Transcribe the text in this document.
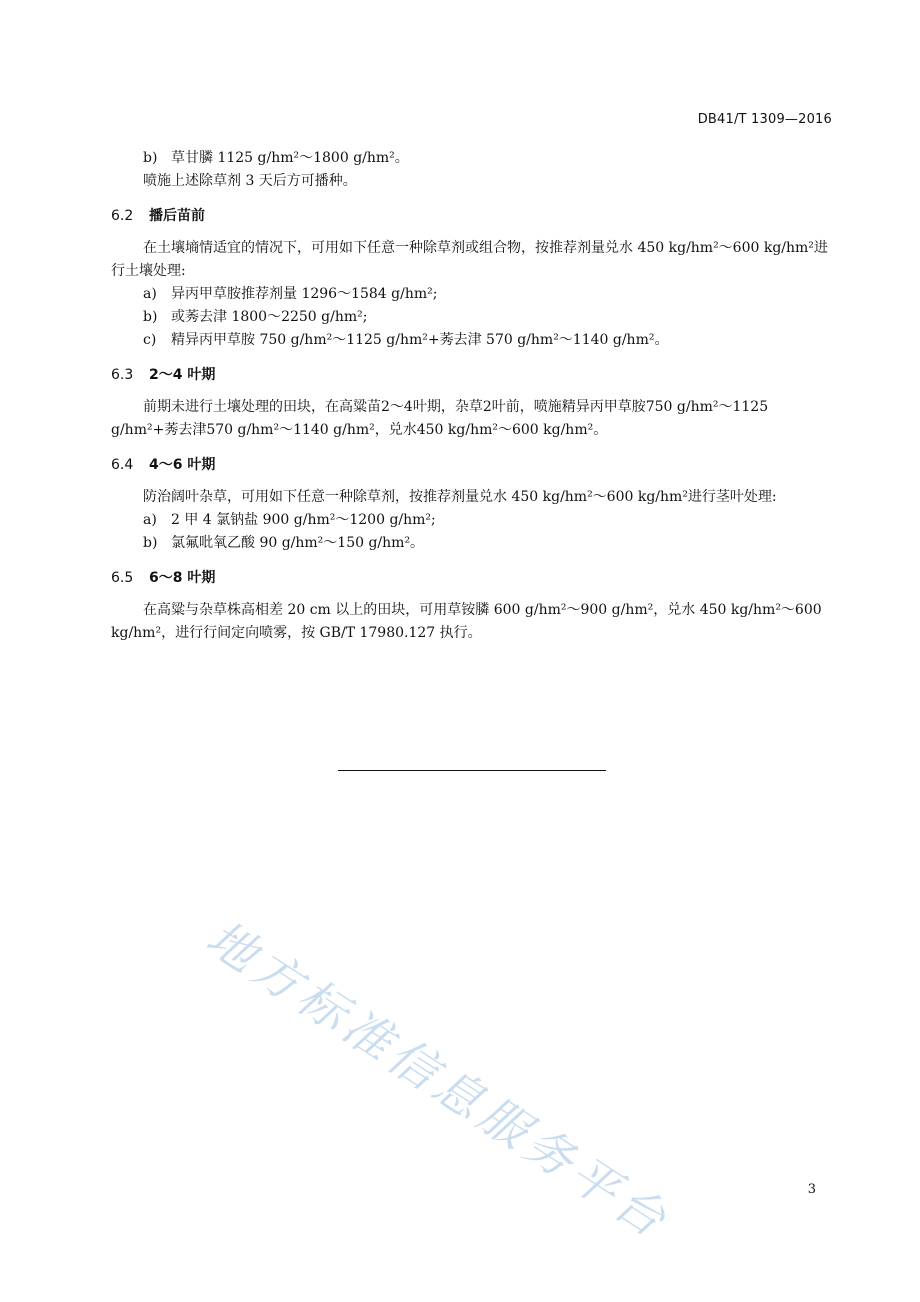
DB41/T 1309—2016

b) 草甘膦 1125 g/hm²～1800 g/hm²。

喷施上述除草剂 3 天后方可播种。

6.2 播后苗前

在土壤墒情适宜的情况下，可用如下任意一种除草剂或组合物，按推荐剂量兑水 450 kg/hm²～600 kg/hm²进行土壤处理:

a) 异丙甲草胺推荐剂量 1296～1584 g/hm²;

b) 或莠去津 1800～2250 g/hm²;

c) 精异丙甲草胺 750 g/hm²～1125 g/hm²+莠去津 570 g/hm²～1140 g/hm²。

6.3 2～4 叶期

前期未进行土壤处理的田块，在高粱苗2～4叶期，杂草2叶前，喷施精异丙甲草胺750 g/hm²～1125 g/hm²+莠去津570 g/hm²～1140 g/hm²，兑水450 kg/hm²～600 kg/hm²。

6.4 4～6 叶期

防治阔叶杂草，可用如下任意一种除草剂，按推荐剂量兑水 450 kg/hm²～600 kg/hm²进行茎叶处理:

a) 2 甲 4 氯钠盐 900 g/hm²～1200 g/hm²;

b) 氯氟吡氧乙酸 90 g/hm²～150 g/hm²。

6.5 6～8 叶期

在高粱与杂草株高相差 20 cm 以上的田块，可用草铵膦 600 g/hm²～900 g/hm²，兑水 450 kg/hm²～600 kg/hm²，进行行间定向喷雾，按 GB/T 17980.127 执行。

地方标准信息服务平台	3
